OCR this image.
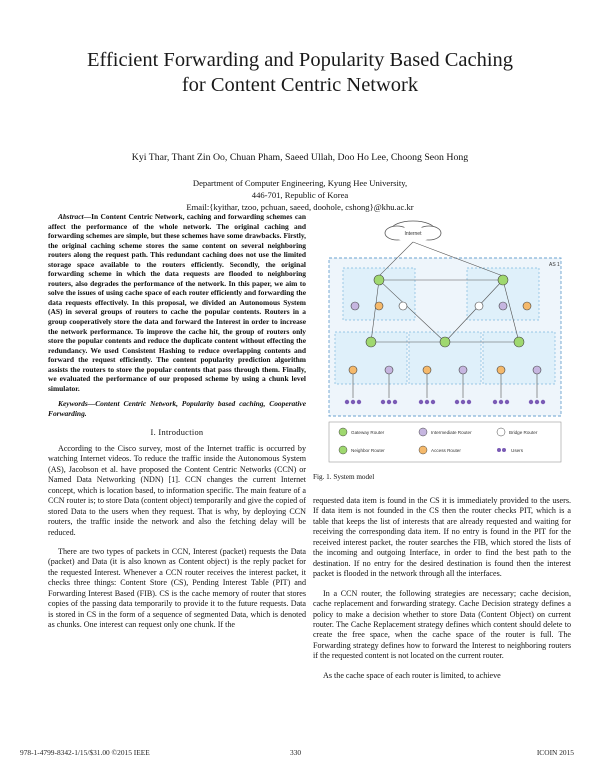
Efficient Forwarding and Popularity Based Caching
for Content Centric Network
Kyi Thar, Thant Zin Oo, Chuan Pham, Saeed Ullah, Doo Ho Lee, Choong Seon Hong
Department of Computer Engineering, Kyung Hee University,
446-701, Republic of Korea
Email:{kyithar, tzoo, pchuan, saeed, doohole, cshong}@khu.ac.kr
Abstract—In Content Centric Network, caching and forwarding schemes can affect the performance of the whole network. The original caching and forwarding schemes are simple, but these schemes have some drawbacks. Firstly, the original caching scheme stores the same content on several neighboring routers along the request path. This redundant caching does not use the limited storage space available to the routers efficiently. Secondly, the original forwarding scheme in which the data requests are flooded to neighboring routers, also degrades the performance of the network. In this paper, we aim to solve the issues of using cache space of each router efficiently and forwarding the data requests effectively. In this proposal, we divided an Autonomous System (AS) in several groups of routers to cache the popular contents. Routers in a group cooperatively store the data and forward the Interest in order to increase the network performance. To improve the cache hit, the group of routers only store the popular contents and reduce the duplicate content without effecting the redundancy. We used Consistent Hashing to reduce overlapping contents and forward the request efficiently. The content popularity prediction algorithm assists the routers to store the popular contents that pass through them. Finally, we evaluated the performance of our proposed scheme by using a chunk level simulator.
Keywords—Content Centric Network, Popularity based caching, Cooperative Forwarding.
I. Introduction

According to the Cisco survey, most of the Internet traffic is occurred by watching Internet videos. To reduce the traffic inside the Autonomous System (AS), Jacobson et al. have proposed the Content Centric Networks (CCN) or Named Data Networking (NDN) [1]. CCN changes the current Internet concept, which is location based, to information specific. The main feature of a CCN router is; to store Data (content object) temporarily and give the copied of stored Data to the users when they request. That is why, by deploying CCN routers, the traffic inside the network and also the fetching delay will be reduced.

There are two types of packets in CCN, Interest (packet) requests the Data (packet) and Data (it is also known as Content object) is the reply packet for the requested Interest. Whenever a CCN router receives the interest packet, it checks three things: Content Store (CS), Pending Interest Table (PIT) and Forwarding Interest Based (FIB). CS is the cache memory of router that stores copies of the passing data temporarily to provide it to the future requests. Data is stored in CS in the form of a sequence of segmented Data, which is denoted as chunks. One interest can request only one chunk. If the

Internet
AS 1
Gateway Router	Intermediate Router	Bridge Router
Neighbor Router	Access Router	Users
Fig. 1. System model

requested data item is found in the CS it is immediately provided to the users. If data item is not founded in the CS then the router checks PIT, which is a table that keeps the list of interests that are already requested and waiting for receiving the corresponding data item. If no entry is found in the PIT for the received interest packet, the router searches the FIB, which stored the lists of the incoming and outgoing Interface, in order to find the best path to the destination. If no entry for the desired destination is found then the interest packet is flooded in the network through all the interfaces.

In a CCN router, the following strategies are necessary; cache decision, cache replacement and forwarding strategy. Cache Decision strategy defines a policy to make a decision whether to store Data (Content Object) on current router. The Cache Replacement strategy defines which content should delete to create the free space, when the cache space of the router is full. The Forwarding strategy defines how to forward the Interest to neighboring routers if the requested content is not located on the current router.

As the cache space of each router is limited, to achieve

978-1-4799-8342-1/15/$31.00 ©2015 IEEE	330	ICOIN 2015
